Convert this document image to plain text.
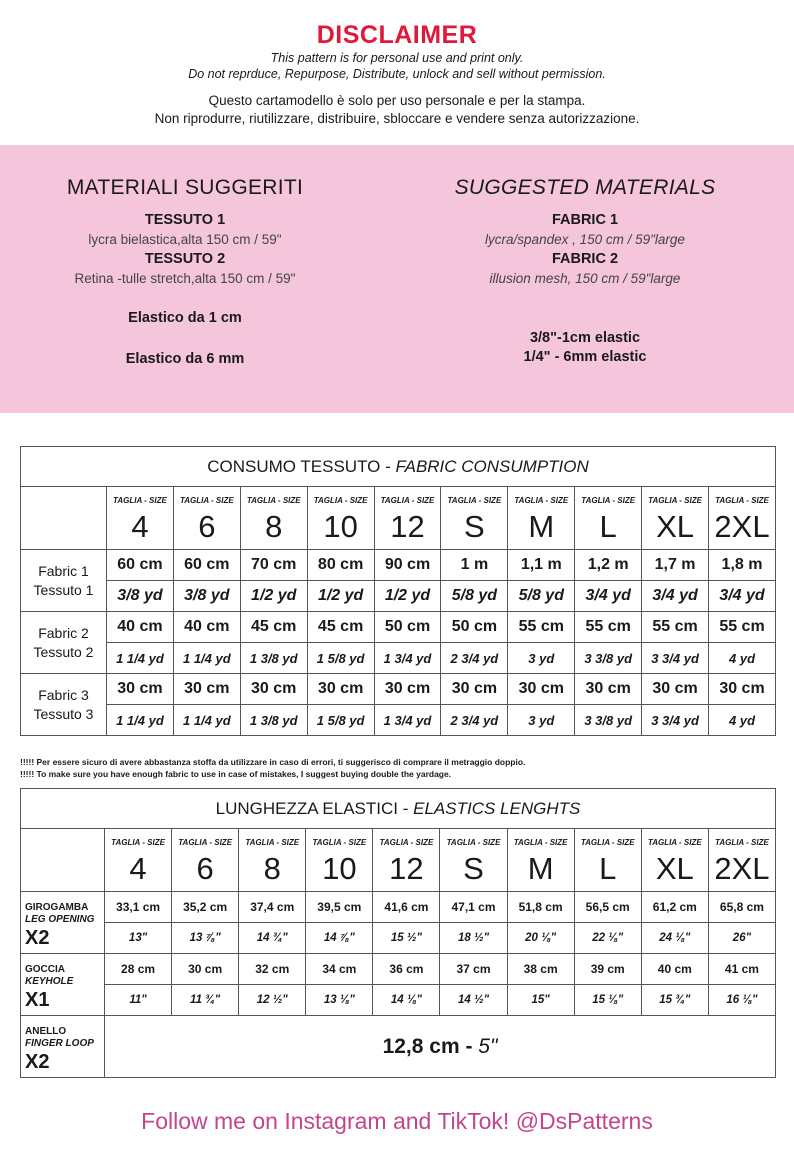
DISCLAIMER
This pattern is for personal use and print only.
Do not reprduce, Repurpose, Distribute, unlock and sell without permission.
Questo cartamodello è solo per uso personale e per la stampa.
Non riprodurre, riutilizzare, distribuire, sbloccare e vendere senza autorizzazione.
MATERIALI SUGGERITI
TESSUTO 1
lycra bielastica,alta 150 cm / 59"
TESSUTO 2
Retina -tulle stretch,alta 150 cm / 59"
Elastico da 1 cm
Elastico da 6 mm
SUGGESTED MATERIALS
FABRIC 1
lycra/spandex , 150 cm / 59"large
FABRIC 2
illusion mesh, 150 cm / 59"large
3/8"-1cm elastic
1/4" - 6mm elastic
CONSUMO TESSUTO - FABRIC CONSUMPTION										
	TAGLIA - SIZE	TAGLIA - SIZE	TAGLIA - SIZE	TAGLIA - SIZE	TAGLIA - SIZE	TAGLIA - SIZE	TAGLIA - SIZE	TAGLIA - SIZE	TAGLIA - SIZE	TAGLIA - SIZE
	4	6	8	10	12	S	M	L	XL	2XL

Fabric 1
Tessuto 1	60 cm	60 cm	70 cm	80 cm	90 cm	1 m	1,1 m	1,2 m	1,7 m	1,8 m
	3/8 yd	3/8 yd	1/2 yd	1/2 yd	1/2 yd	5/8 yd	5/8 yd	3/4 yd	3/4 yd	3/4 yd

Fabric 2
Tessuto 2	40 cm	40 cm	45 cm	45 cm	50 cm	50 cm	55 cm	55 cm	55 cm	55 cm
	1 1/4 yd	1 1/4 yd	1 3/8 yd	1 5/8 yd	1 3/4 yd	2 3/4 yd	3 yd	3 3/8 yd	3 3/4 yd	4 yd

Fabric 3
Tessuto 3	30 cm	30 cm	30 cm	30 cm	30 cm	30 cm	30 cm	30 cm	30 cm	30 cm
	1 1/4 yd	1 1/4 yd	1 3/8 yd	1 5/8 yd	1 3/4 yd	2 3/4 yd	3 yd	3 3/8 yd	3 3/4 yd	4 yd
!!!!! Per essere sicuro di avere abbastanza stoffa da utilizzare in caso di errori, ti suggerisco di comprare il metraggio doppio.
!!!!! To make sure you have enough fabric to use in case of mistakes, I suggest buying double the yardage.
LUNGHEZZA ELASTICI - ELASTICS LENGHTS										
	TAGLIA - SIZE	TAGLIA - SIZE	TAGLIA - SIZE	TAGLIA - SIZE	TAGLIA - SIZE	TAGLIA - SIZE	TAGLIA - SIZE	TAGLIA - SIZE	TAGLIA - SIZE	TAGLIA - SIZE
	4	6	8	10	12	S	M	L	XL	2XL
GIROGAMBA
LEG OPENING
X2	33,1 cm	35,2 cm	37,4 cm	39,5 cm	41,6 cm	47,1 cm	51,8 cm	56,5 cm	61,2 cm	65,8 cm
	13"	13 ⅞"	14 ¾"	14 ⅞"	15 ½"	18 ½"	20 ⅛"	22 ⅛"	24 ⅛"	26"
GOCCIA
KEYHOLE
X1	28 cm	30 cm	32 cm	34 cm	36 cm	37 cm	38 cm	39 cm	40 cm	41 cm
	11"	11 ¾"	12 ½"	13 ⅛"	14 ⅛"	14 ½"	15"	15 ⅛"	15 ¾"	16 ⅛"
ANELLO
FINGER LOOP
X2	12,8 cm - 5"									
Follow me on Instagram and TikTok! @DsPatterns
